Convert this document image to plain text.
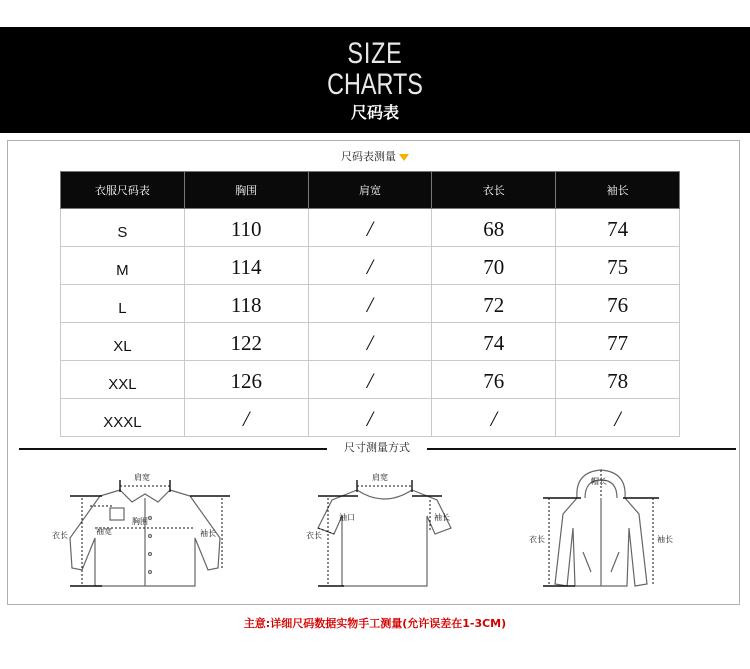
SIZE
CHARTS
尺码表
尺码表测量
衣服尺码表	胸围	肩宽	衣长	袖长
S	110	/	68	74
M	114	/	70	75
L	118	/	72	76
XL	122	/	74	77
XXL	126	/	76	78
XXXL	/	/	/	/
尺寸测量方式
肩宽
胸围
袖宽
衣长	袖长
肩宽
袖口
衣长
袖长
帽长
衣长	袖长
主意:详细尺码数据实物手工测量(允许误差在1-3CM)
